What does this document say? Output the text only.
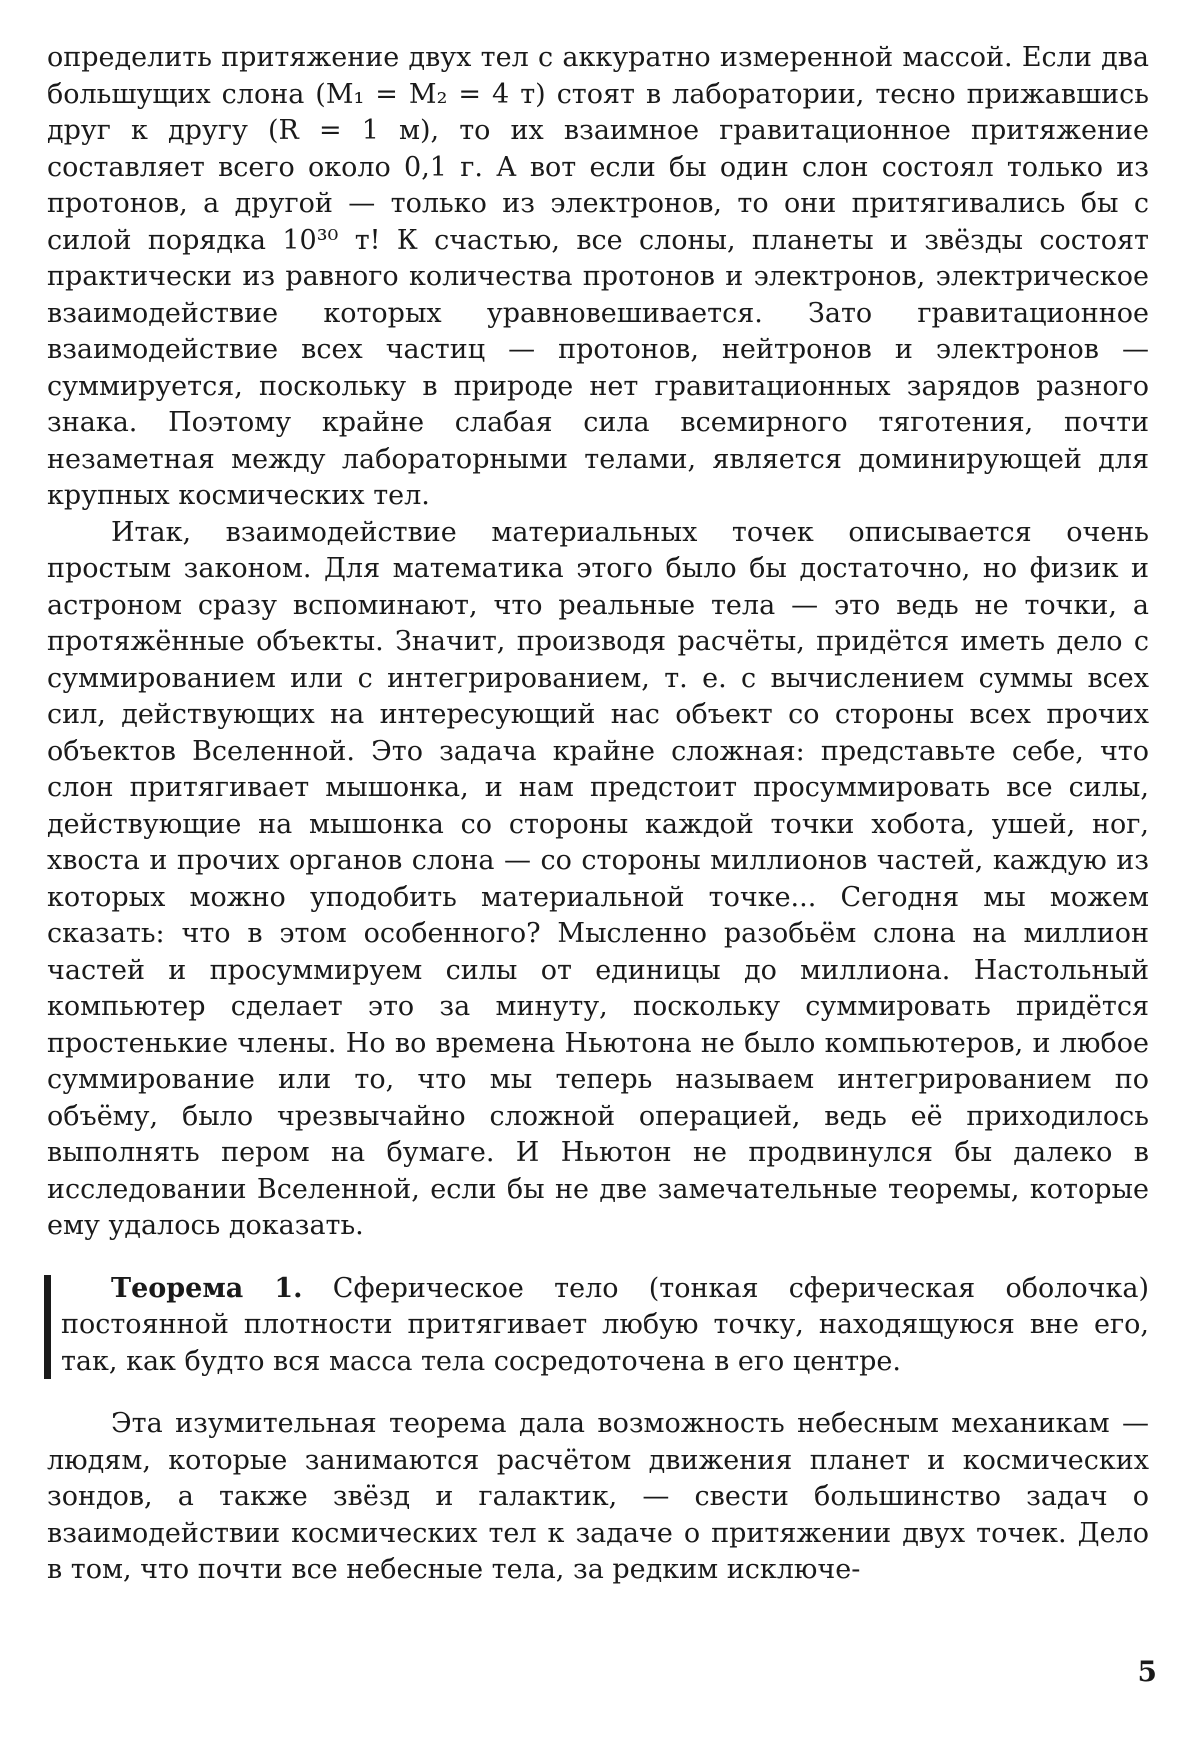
определить притяжение двух тел с аккуратно измеренной массой. Если два большущих слона (M₁ = M₂ = 4 т) стоят в лаборатории, тесно прижавшись друг к другу (R = 1 м), то их взаимное гравитационное притяжение составляет всего около 0,1 г. А вот если бы один слон состоял только из протонов, а другой — только из электронов, то они притягивались бы с силой порядка 10³⁰ т! К счастью, все слоны, планеты и звёзды состоят практически из равного количества протонов и электронов, электрическое взаимодействие которых уравновешивается. Зато гравитационное взаимодействие всех частиц — протонов, нейтронов и электронов — суммируется, поскольку в природе нет гравитационных зарядов разного знака. Поэтому крайне слабая сила всемирного тяготения, почти незаметная между лабораторными телами, является доминирующей для крупных космических тел.

Итак, взаимодействие материальных точек описывается очень простым законом. Для математика этого было бы достаточно, но физик и астроном сразу вспоминают, что реальные тела — это ведь не точки, а протяжённые объекты. Значит, производя расчёты, придётся иметь дело с суммированием или с интегрированием, т. е. с вычислением суммы всех сил, действующих на интересующий нас объект со стороны всех прочих объектов Вселенной. Это задача крайне сложная: представьте себе, что слон притягивает мышонка, и нам предстоит просуммировать все силы, действующие на мышонка со стороны каждой точки хобота, ушей, ног, хвоста и прочих органов слона — со стороны миллионов частей, каждую из которых можно уподобить материальной точке... Сегодня мы можем сказать: что в этом особенного? Мысленно разобьём слона на миллион частей и просуммируем силы от единицы до миллиона. Настольный компьютер сделает это за минуту, поскольку суммировать придётся простенькие члены. Но во времена Ньютона не было компьютеров, и любое суммирование или то, что мы теперь называем интегрированием по объёму, было чрезвычайно сложной операцией, ведь её приходилось выполнять пером на бумаге. И Ньютон не продвинулся бы далеко в исследовании Вселенной, если бы не две замечательные теоремы, которые ему удалось доказать.

Теорема 1. Сферическое тело (тонкая сферическая оболочка) постоянной плотности притягивает любую точку, находящуюся вне его, так, как будто вся масса тела сосредоточена в его центре.

Эта изумительная теорема дала возможность небесным механикам — людям, которые занимаются расчётом движения планет и космических зондов, а также звёзд и галактик, — свести большинство задач о взаимодействии космических тел к задаче о притяжении двух точек. Дело в том, что почти все небесные тела, за редким исключе-

5
